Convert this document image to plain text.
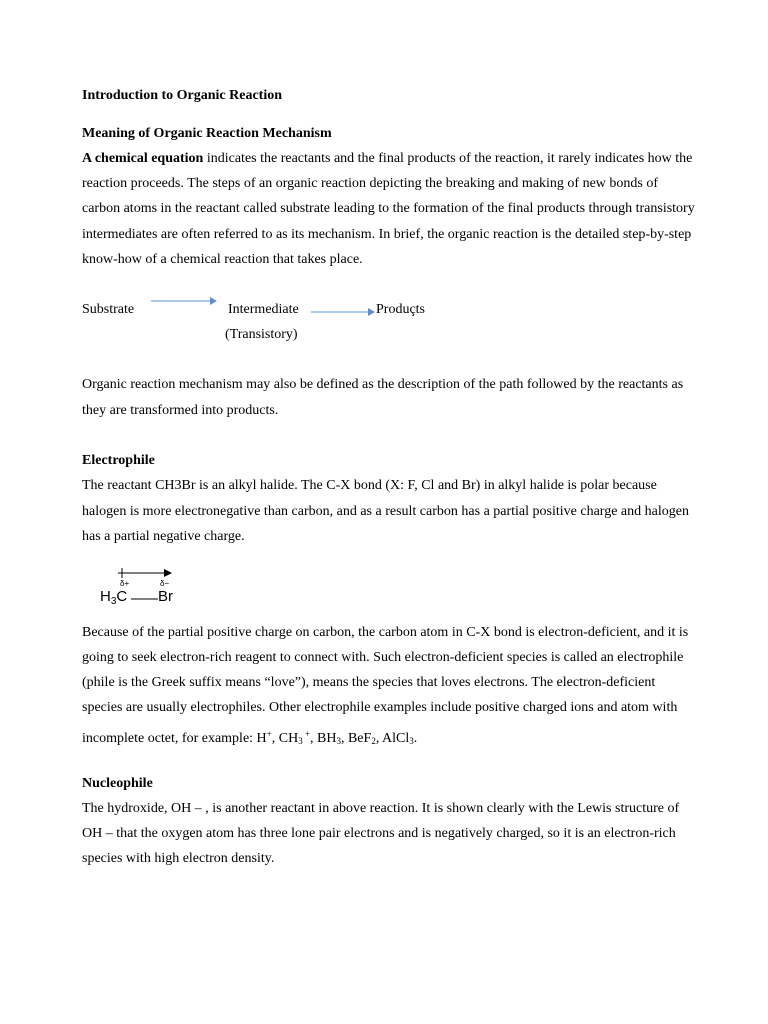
Introduction to Organic Reaction
Meaning of Organic Reaction Mechanism
A chemical equation indicates the reactants and the final products of the reaction, it rarely indicates how the
reaction proceeds. The steps of an organic reaction depicting the breaking and making of new bonds of
carbon atoms in the reactant called substrate leading to the formation of the final products through transistory
intermediates are often referred to as its mechanism. In brief, the organic reaction is the detailed step-by-step
know-how of a chemical reaction that takes place.
Substrate	Intermediate	Produçts
(Transistory)
Organic reaction mechanism may also be defined as the description of the path followed by the reactants as
they are transformed into products.
Electrophile
The reactant CH3Br is an alkyl halide. The C-X bond (X: F, Cl and Br) in alkyl halide is polar because
halogen is more electronegative than carbon, and as a result carbon has a partial positive charge and halogen
has a partial negative charge.
δ+	δ−
$H_3C$ Br
Because of the partial positive charge on carbon, the carbon atom in C-X bond is electron-deficient, and it is
going to seek electron-rich reagent to connect with. Such electron-deficient species is called an electrophile
(phile is the Greek suffix means “love”), means the species that loves electrons. The electron-deficient
species are usually electrophiles. Other electrophile examples include positive charged ions and atom with
incomplete octet, for example: H+, $CH_3$ +, $BH_3$, BeF$_2$, AlCl$_3$.
Nucleophile
The hydroxide, OH – , is another reactant in above reaction. It is shown clearly with the Lewis structure of
OH – that the oxygen atom has three lone pair electrons and is negatively charged, so it is an electron-rich
species with high electron density.
